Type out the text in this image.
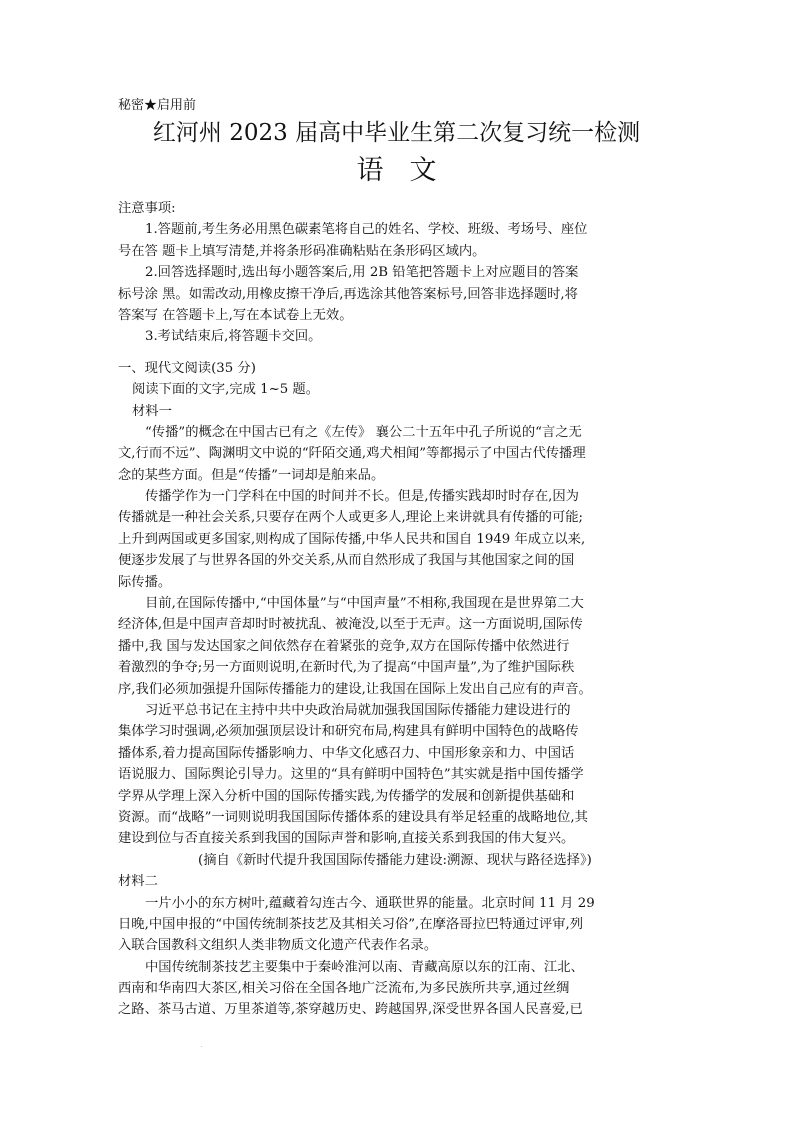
秘密★启用前
红河州 2023 届高中毕业生第二次复习统一检测
语文
注意事项:
1.答题前,考生务必用黑色碳素笔将自己的姓名、学校、班级、考场号、座位
号在答 题卡上填写清楚,并将条形码准确粘贴在条形码区域内。
2.回答选择题时,选出每小题答案后,用 2B 铅笔把答题卡上对应题目的答案
标号涂 黑。如需改动,用橡皮擦干净后,再选涂其他答案标号,回答非选择题时,将
答案写 在答题卡上,写在本试卷上无效。
3.考试结束后,将答题卡交回。
一、现代文阅读(35 分)
阅读下面的文字,完成 1~5 题。
材料一
“传播”的概念在中国古已有之《左传》 襄公二十五年中孔子所说的“言之无
文,行而不远”、陶渊明文中说的“阡陌交通,鸡犬相闻”等都揭示了中国古代传播理
念的某些方面。但是“传播”一词却是舶来品。
传播学作为一门学科在中国的时间并不长。但是,传播实践却时时存在,因为
传播就是一种社会关系,只要存在两个人或更多人,理论上来讲就具有传播的可能;
上升到两国或更多国家,则构成了国际传播,中华人民共和国自 1949 年成立以来,
便逐步发展了与世界各国的外交关系,从而自然形成了我国与其他国家之间的国
际传播。
目前,在国际传播中,“中国体量”与“中国声量”不相称,我国现在是世界第二大
经济体,但是中国声音却时时被扰乱、被淹没,以至于无声。这一方面说明,国际传
播中,我 国与发达国家之间依然存在着紧张的竞争,双方在国际传播中依然进行
着激烈的争夺;另一方面则说明,在新时代,为了提高“中国声量”,为了维护国际秩
序,我们必须加强提升国际传播能力的建设,让我国在国际上发出自己应有的声音。
习近平总书记在主持中共中央政治局就加强我国国际传播能力建设进行的
集体学习时强调,必须加强顶层设计和研究布局,构建具有鲜明中国特色的战略传
播体系,着力提高国际传播影响力、中华文化感召力、中国形象亲和力、中国话
语说服力、国际舆论引导力。这里的“具有鲜明中国特色”其实就是指中国传播学
学界从学理上深入分析中国的国际传播实践,为传播学的发展和创新提供基础和
资源。而“战略”一词则说明我国国际传播体系的建设具有举足轻重的战略地位,其
建设到位与否直接关系到我国的国际声誉和影响,直接关系到我国的伟大复兴。
(摘自《新时代提升我国国际传播能力建设:溯源、现状与路径选择》)
材料二
一片小小的东方树叶,蕴藏着勾连古今、通联世界的能量。北京时间 11 月 29
日晚,中国申报的“中国传统制茶技艺及其相关习俗”,在摩洛哥拉巴特通过评审,列
入联合国教科文组织人类非物质文化遗产代表作名录。
中国传统制茶技艺主要集中于秦岭淮河以南、青藏高原以东的江南、江北、
西南和华南四大茶区,相关习俗在全国各地广泛流布,为多民族所共享,通过丝绸
之路、茶马古道、万里茶道等,茶穿越历史、跨越国界,深受世界各国人民喜爱,已
.
